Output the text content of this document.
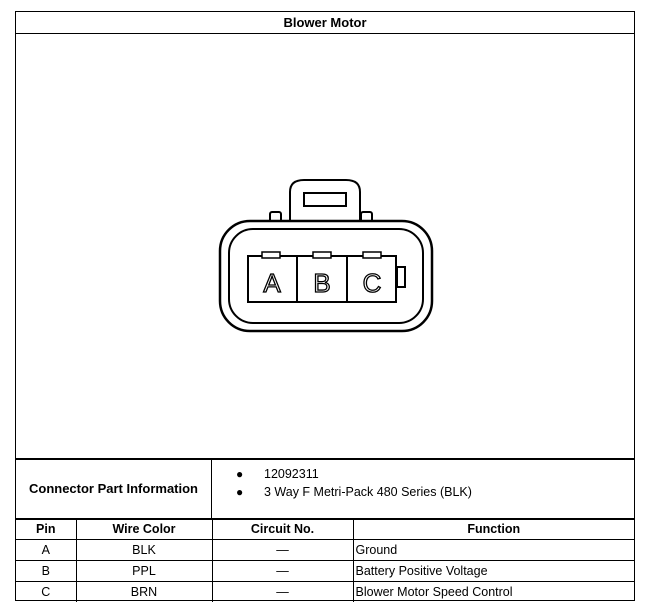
Blower Motor
A B C
Connector Part Information
● 12092311
● 3 Way F Metri-Pack 480 Series (BLK)
Pin	Wire Color	Circuit No.	Function
A	BLK	—	Ground
B	PPL	—	Battery Positive Voltage
C	BRN	—	Blower Motor Speed Control
